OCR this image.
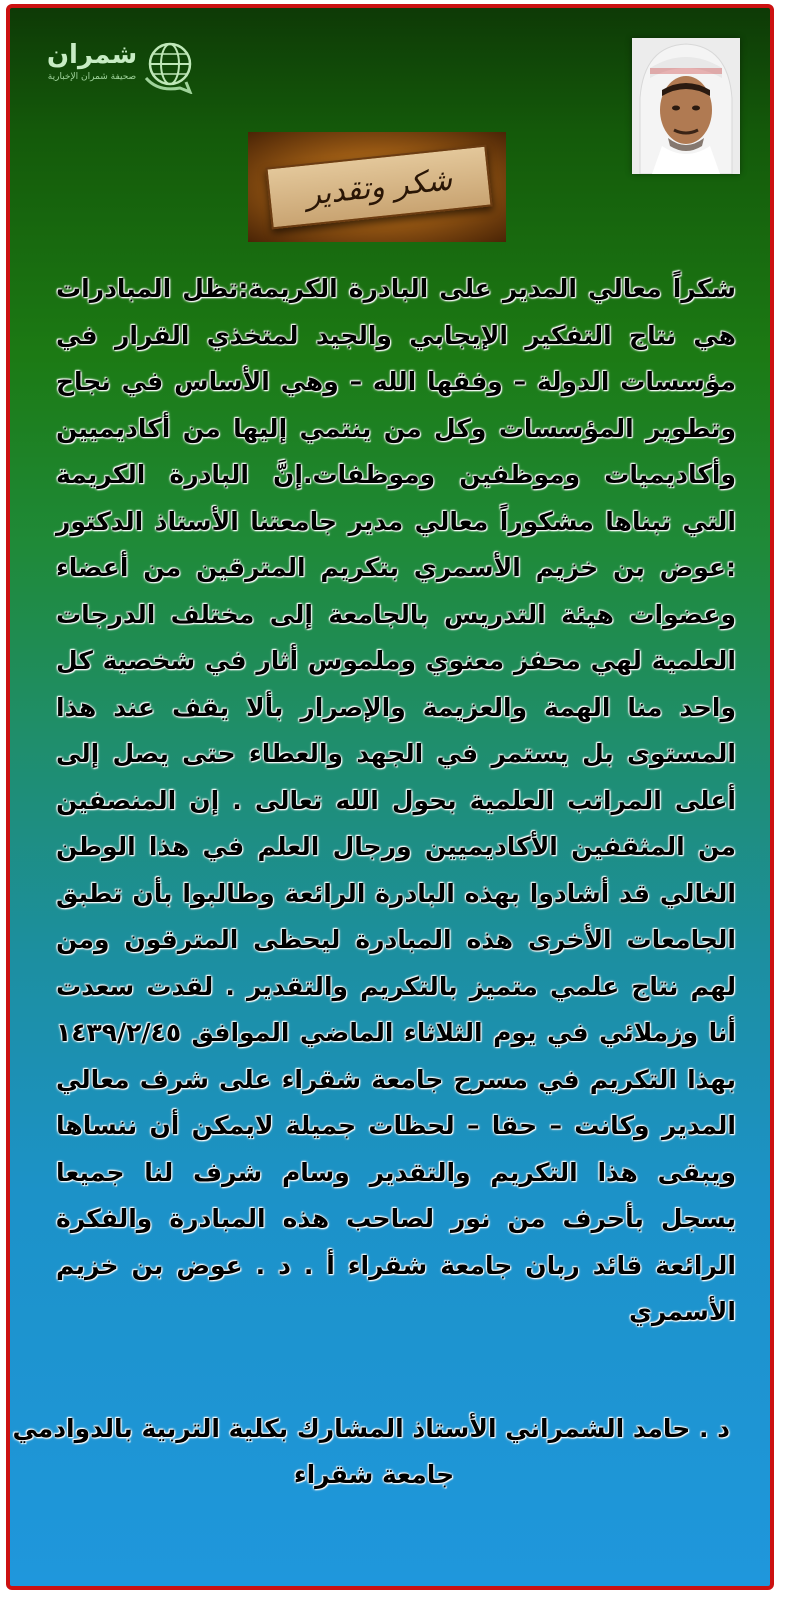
شمران
صحيفة شمران الإخبارية
شكر وتقدير

شكراً معالي المدير على البادرة الكريمة:تظل المبادرات هي نتاج التفكير الإيجابي والجيد لمتخذي القرار في مؤسسات الدولة – وفقها الله – وهي الأساس في نجاح وتطوير المؤسسات وكل من ينتمي إليها من أكاديميين وأكاديميات وموظفين وموظفات.إنَّ البادرة الكريمة التي تبناها مشكوراً معالي مدير جامعتنا الأستاذ الدكتور :عوض بن خزيم الأسمري بتكريم المترقين من أعضاء وعضوات هيئة التدريس بالجامعة إلى مختلف الدرجات العلمية لهي محفز معنوي وملموس أثار في شخصية كل واحد منا الهمة والعزيمة والإصرار بألا يقف عند هذا المستوى بل يستمر في الجهد والعطاء حتى يصل إلى أعلى المراتب العلمية بحول الله تعالى . إن المنصفين من المثقفين الأكاديميين ورجال العلم في هذا الوطن الغالي قد أشادوا بهذه البادرة الرائعة وطالبوا بأن تطبق الجامعات الأخرى هذه المبادرة ليحظى المترقون ومن لهم نتاج علمي متميز بالتكريم والتقدير . لقدت سعدت أنا وزملائي في يوم الثلاثاء الماضي الموافق ١٤٣٩/٢/٤٥ بهذا التكريم في مسرح جامعة شقراء على شرف معالي المدير وكانت – حقا – لحظات جميلة لايمكن أن ننساها ويبقى هذا التكريم والتقدير وسام شرف لنا جميعا يسجل بأحرف من نور لصاحب هذه المبادرة والفكرة الرائعة قائد ربان جامعة شقراء أ . د . عوض بن خزيم الأسمري

د . حامد الشمراني الأستاذ المشارك بكلية التربية بالدوادمي
جامعة شقراء
